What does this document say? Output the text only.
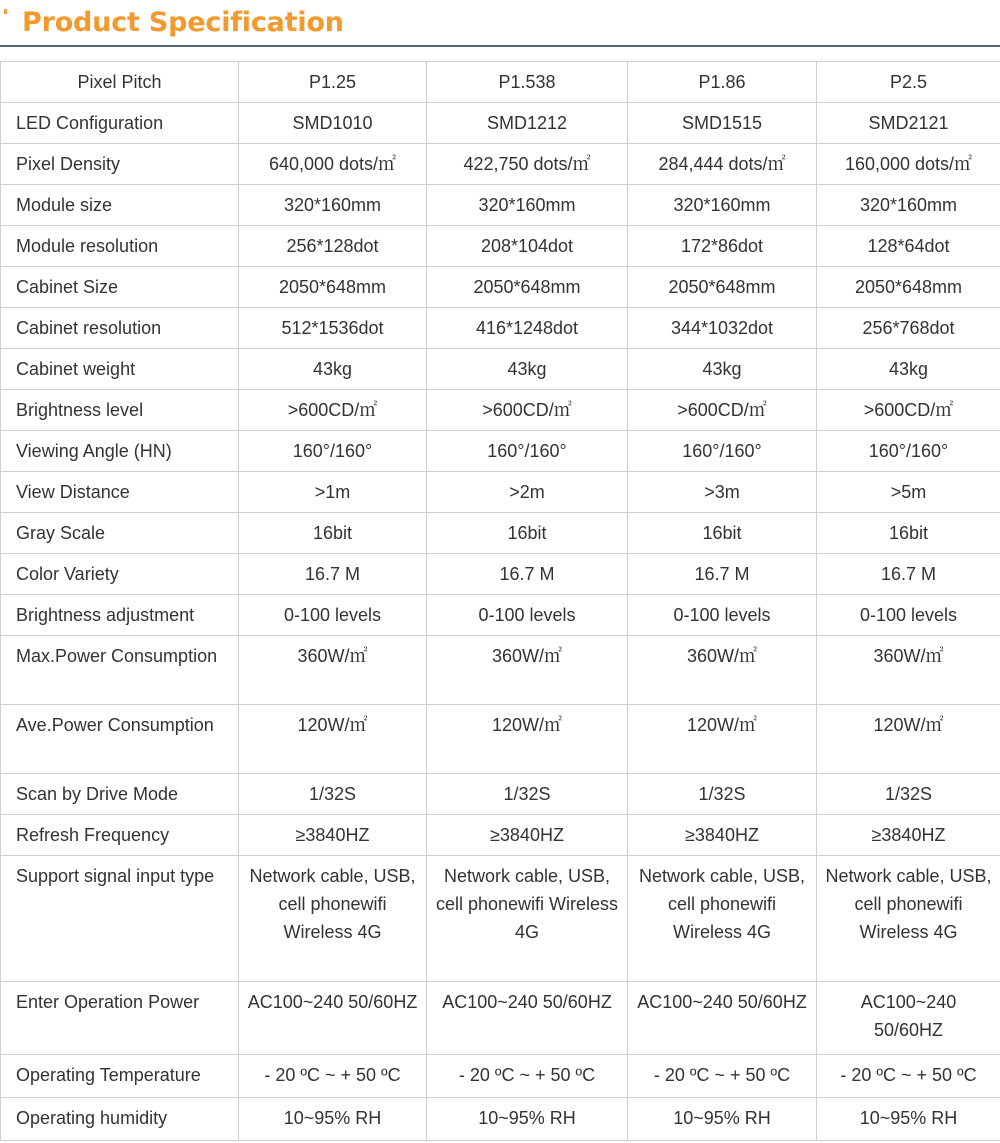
Product Specification
Pixel Pitch	P1.25	P1.538	P1.86	P2.5
LED Configuration	SMD1010	SMD1212	SMD1515	SMD2121
Pixel Density	640,000 dots/㎡	422,750 dots/㎡	284,444 dots/㎡	160,000 dots/㎡
Module size	320*160mm	320*160mm	320*160mm	320*160mm
Module resolution	256*128dot	208*104dot	172*86dot	128*64dot
Cabinet Size	2050*648mm	2050*648mm	2050*648mm	2050*648mm
Cabinet resolution	512*1536dot	416*1248dot	344*1032dot	256*768dot
Cabinet weight	43kg	43kg	43kg	43kg
Brightness level	>600CD/㎡	>600CD/㎡	>600CD/㎡	>600CD/㎡
Viewing Angle (HN)	160°/160°	160°/160°	160°/160°	160°/160°
View Distance	>1m	>2m	>3m	>5m
Gray Scale	16bit	16bit	16bit	16bit
Color Variety	16.7 M	16.7 M	16.7 M	16.7 M
Brightness adjustment	0-100 levels	0-100 levels	0-100 levels	0-100 levels
Max.Power Consumption	360W/㎡	360W/㎡	360W/㎡	360W/㎡
Ave.Power Consumption	120W/㎡	120W/㎡	120W/㎡	120W/㎡
Scan by Drive Mode	1/32S	1/32S	1/32S	1/32S
Refresh Frequency	≥3840HZ	≥3840HZ	≥3840HZ	≥3840HZ
Support signal input type	Network cable, USB, cell phonewifi Wireless 4G	Network cable, USB, cell phonewifi Wireless 4G	Network cable, USB, cell phonewifi Wireless 4G	Network cable, USB, cell phonewifi Wireless 4G
Enter Operation Power	AC100~240 50/60HZ	AC100~240 50/60HZ	AC100~240 50/60HZ	AC100~240 50/60HZ
Operating Temperature	- 20 ºC ~ + 50 ºC	- 20 ºC ~ + 50 ºC	- 20 ºC ~ + 50 ºC	- 20 ºC ~ + 50 ºC
Operating humidity	10~95% RH	10~95% RH	10~95% RH	10~95% RH
